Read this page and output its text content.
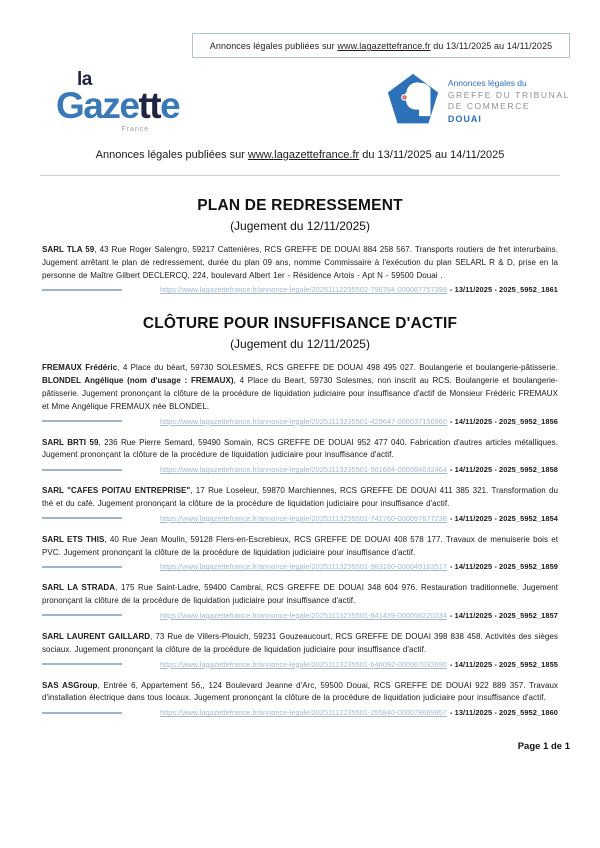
Annonces légales publiées sur www.lagazettefrance.fr du 13/11/2025 au 14/11/2025
la
Gazette
France
Annonces légales du
GREFFE DU TRIBUNAL
DE COMMERCE
DOUAI
Annonces légales publiées sur www.lagazettefrance.fr du 13/11/2025 au 14/11/2025
PLAN DE REDRESSEMENT
(Jugement du 12/11/2025)

SARL TLA 59, 43 Rue Roger Salengro, 59217 Cattenières, RCS GREFFE DE DOUAI 884 258 567. Transports routiers de fret interurbains. Jugement arrêtant le plan de redressement, durée du plan 09 ans, nomme Commissaire à l'exécution du plan SELARL R & D, prise en la personne de Maître Gilbert DECLERCQ, 224, boulevard Albert 1er - Résidence Artois - Apt N - 59500 Douai .

https://www.lagazettefrance.fr/annonce-legale/20251112235502-796784-000087757399 - 13/11/2025 - 2025_5952_1861
CLÔTURE POUR INSUFFISANCE D'ACTIF
(Jugement du 12/11/2025)

FREMAUX Frédéric, 4 Place du béart, 59730 SOLESMES, RCS GREFFE DE DOUAI 498 495 027. Boulangerie et boulangerie-pâtisserie. BLONDEL Angélique (nom d'usage : FREMAUX), 4 Place du Beart, 59730 Solesmes, non inscrit au RCS. Boulangerie et boulangerie-pâtisserie. Jugement prononçant la clôture de la procédure de liquidation judiciaire pour insuffisance d'actif de Monsieur Frédéric FREMAUX et Mme Angélique FREMAUX née BLONDEL.

https://www.lagazettefrance.fr/annonce-legale/20251113235501-429647-000037156960 - 14/11/2025 - 2025_5952_1856

SARL BRTI 59, 236 Rue Pierre Semard, 59490 Somain, RCS GREFFE DE DOUAI 952 477 040. Fabrication d'autres articles métalliques. Jugement prononçant la clôture de la procédure de liquidation judiciaire pour insuffisance d'actif.

https://www.lagazettefrance.fr/annonce-legale/20251113235501-561684-000084632464 - 14/11/2025 - 2025_5952_1858

SARL "CAFES POITAU ENTREPRISE", 17 Rue Loseleur, 59870 Marchiennes, RCS GREFFE DE DOUAI 411 385 321. Transformation du thé et du café. Jugement prononçant la clôture de la procédure de liquidation judiciaire pour insuffisance d'actif.

https://www.lagazettefrance.fr/annonce-legale/20251113235501-741760-000097677238 - 14/11/2025 - 2025_5952_1854

SARL ETS THIS, 40 Rue Jean Moulin, 59128 Flers-en-Escrebieux, RCS GREFFE DE DOUAI 408 578 177. Travaux de menuiserie bois et PVC. Jugement prononçant la clôture de la procédure de liquidation judiciaire pour insuffisance d'actif.

https://www.lagazettefrance.fr/annonce-legale/20251113235501-983160-000049163517 - 14/11/2025 - 2025_5952_1859

SARL LA STRADA, 175 Rue Saint-Ladre, 59400 Cambrai, RCS GREFFE DE DOUAI 348 604 976. Restauration traditionnelle. Jugement prononçant la clôture de la procédure de liquidation judiciaire pour insuffisance d'actif.

https://www.lagazettefrance.fr/annonce-legale/20251113235501-841439-000056220234 - 14/11/2025 - 2025_5952_1857

SARL LAURENT GAILLARD, 73 Rue de Villers-Plouich, 59231 Gouzeaucourt, RCS GREFFE DE DOUAI 398 838 458. Activités des sièges sociaux. Jugement prononçant la clôture de la procédure de liquidation judiciaire pour insuffisance d'actif.

https://www.lagazettefrance.fr/annonce-legale/20251113235501-646092-000067032690 - 14/11/2025 - 2025_5952_1855

SAS ASGroup, Entrée 6, Appartement 56,, 124 Boulevard Jeanne d'Arc, 59500 Douai, RCS GREFFE DE DOUAI 922 889 357. Travaux d'installation électrique dans tous locaux. Jugement prononçant la clôture de la procédure de liquidation judiciaire pour insuffisance d'actif.

https://www.lagazettefrance.fr/annonce-legale/20251112235501-255840-000078689957 - 13/11/2025 - 2025_5952_1860
Page 1 de 1
